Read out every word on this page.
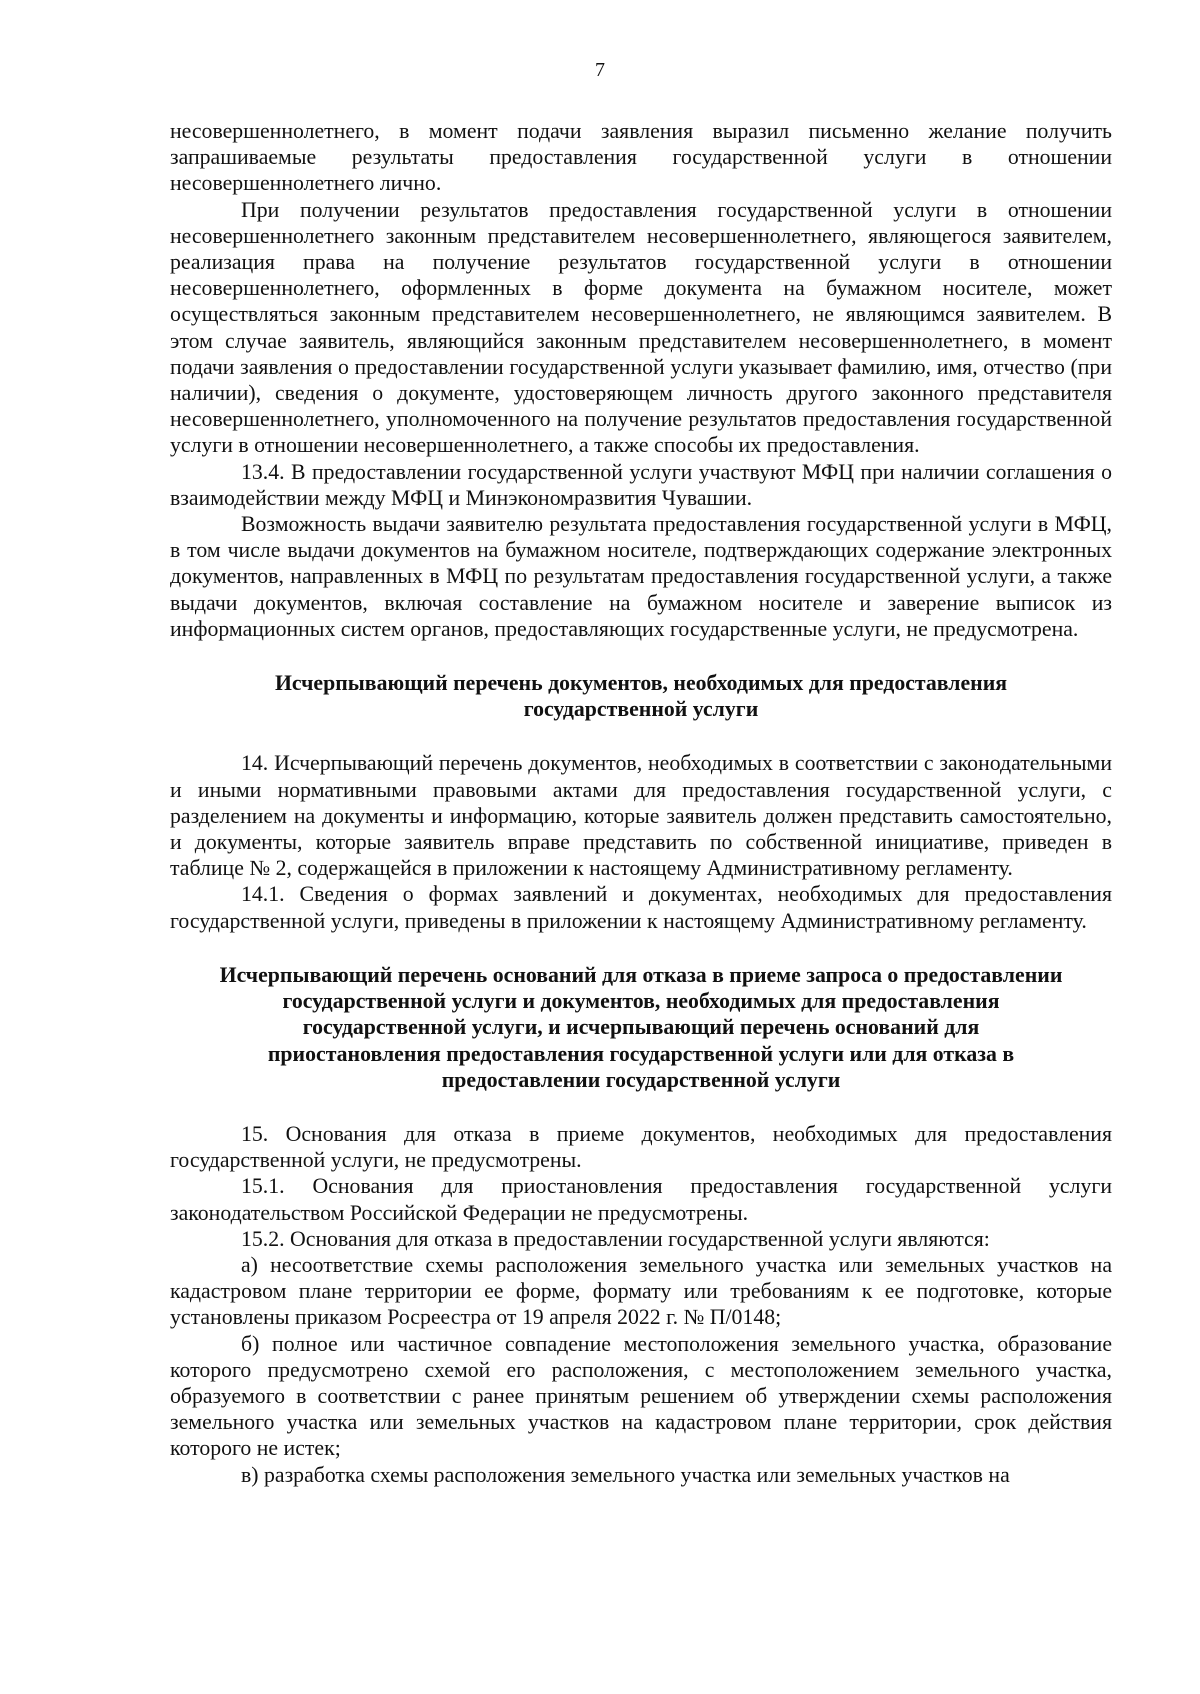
7

несовершеннолетнего, в момент подачи заявления выразил письменно желание получить запрашиваемые результаты предоставления государственной услуги в отношении несовершеннолетнего лично.

При получении результатов предоставления государственной услуги в отношении несовершеннолетнего законным представителем несовершеннолетнего, являющегося заявителем, реализация права на получение результатов государственной услуги в отношении несовершеннолетнего, оформленных в форме документа на бумажном носителе, может осуществляться законным представителем несовершеннолетнего, не являющимся заявителем. В этом случае заявитель, являющийся законным представителем несовершеннолетнего, в момент подачи заявления о предоставлении государственной услуги указывает фамилию, имя, отчество (при наличии), сведения о документе, удостоверяющем личность другого законного представителя несовершеннолетнего, уполномоченного на получение результатов предоставления государственной услуги в отношении несовершеннолетнего, а также способы их предоставления.

13.4. В предоставлении государственной услуги участвуют МФЦ при наличии соглашения о взаимодействии между МФЦ и Минэкономразвития Чувашии.

Возможность выдачи заявителю результата предоставления государственной услуги в МФЦ, в том числе выдачи документов на бумажном носителе, подтверждающих содержание электронных документов, направленных в МФЦ по результатам предоставления государственной услуги, а также выдачи документов, включая составление на бумажном носителе и заверение выписок из информационных систем органов, предоставляющих государственные услуги, не предусмотрена.

Исчерпывающий перечень документов, необходимых для предоставления

государственной услуги

14. Исчерпывающий перечень документов, необходимых в соответствии с законодательными и иными нормативными правовыми актами для предоставления государственной услуги, с разделением на документы и информацию, которые заявитель должен представить самостоятельно, и документы, которые заявитель вправе представить по собственной инициативе, приведен в таблице № 2, содержащейся в приложении к настоящему Административному регламенту.

14.1. Сведения о формах заявлений и документах, необходимых для предоставления государственной услуги, приведены в приложении к настоящему Административному регламенту.

Исчерпывающий перечень оснований для отказа в приеме запроса о предоставлении

государственной услуги и документов, необходимых для предоставления

государственной услуги, и исчерпывающий перечень оснований для

приостановления предоставления государственной услуги или для отказа в

предоставлении государственной услуги

15. Основания для отказа в приеме документов, необходимых для предоставления государственной услуги, не предусмотрены.

15.1. Основания для приостановления предоставления государственной услуги законодательством Российской Федерации не предусмотрены.

15.2. Основания для отказа в предоставлении государственной услуги являются:

а) несоответствие схемы расположения земельного участка или земельных участков на кадастровом плане территории ее форме, формату или требованиям к ее подготовке, которые установлены приказом Росреестра от 19 апреля 2022 г. № П/0148;

б) полное или частичное совпадение местоположения земельного участка, образование которого предусмотрено схемой его расположения, с местоположением земельного участка, образуемого в соответствии с ранее принятым решением об утверждении схемы расположения земельного участка или земельных участков на кадастровом плане территории, срок действия которого не истек;

в) разработка схемы расположения земельного участка или земельных участков на
